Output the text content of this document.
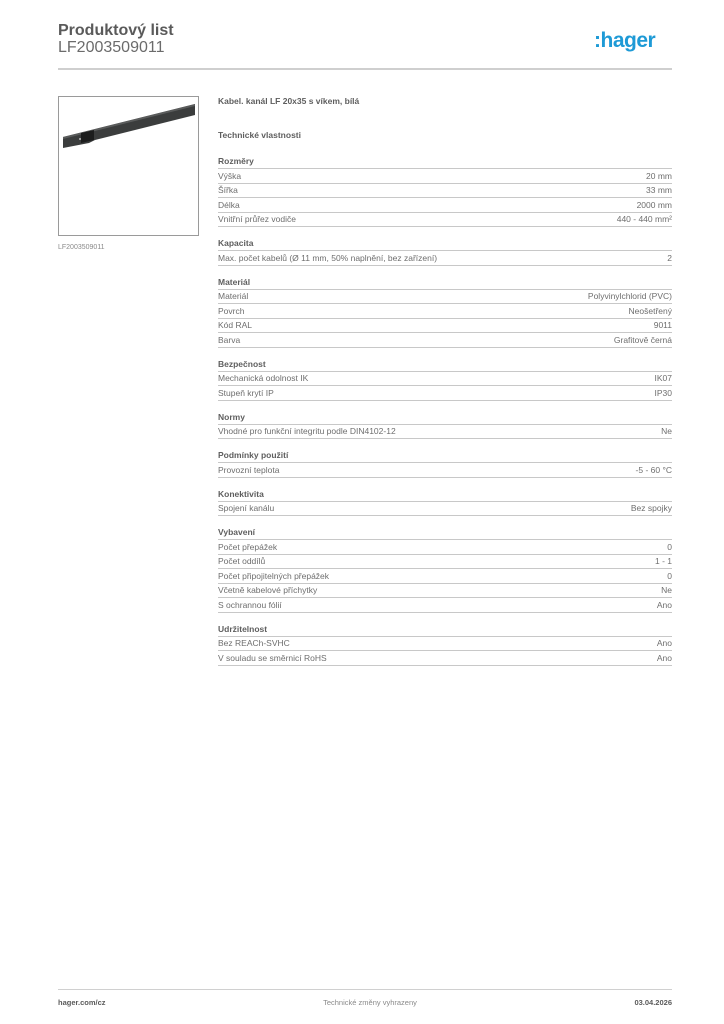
Produktový list
LF2003509011	:hager
LF2003509011
Kabel. kanál LF 20x35 s víkem, bílá
Technické vlastnosti
Rozměry
Výška	20 mm
Šířka	33 mm
Délka	2000 mm
Vnitřní průřez vodiče	440 - 440 mm²
Kapacita
Max. počet kabelů (Ø 11 mm, 50% naplnění, bez zařízení)	2
Materiál
Materiál	Polyvinylchlorid (PVC)
Povrch	Neošetřený
Kód RAL	9011
Barva	Grafitově černá
Bezpečnost
Mechanická odolnost IK	IK07
Stupeň krytí IP	IP30
Normy
Vhodné pro funkční integritu podle DIN4102-12	Ne
Podmínky použití
Provozní teplota	-5 - 60 °C
Konektivita
Spojení kanálu	Bez spojky
Vybavení
Počet přepážek	0
Počet oddílů	1 - 1
Počet připojitelných přepážek	0
Včetně kabelové příchytky	Ne
S ochrannou fólií	Ano
Udržitelnost
Bez REACh-SVHC	Ano
V souladu se směrnicí RoHS	Ano
hager.com/cz	Technické změny vyhrazeny	03.04.2026
